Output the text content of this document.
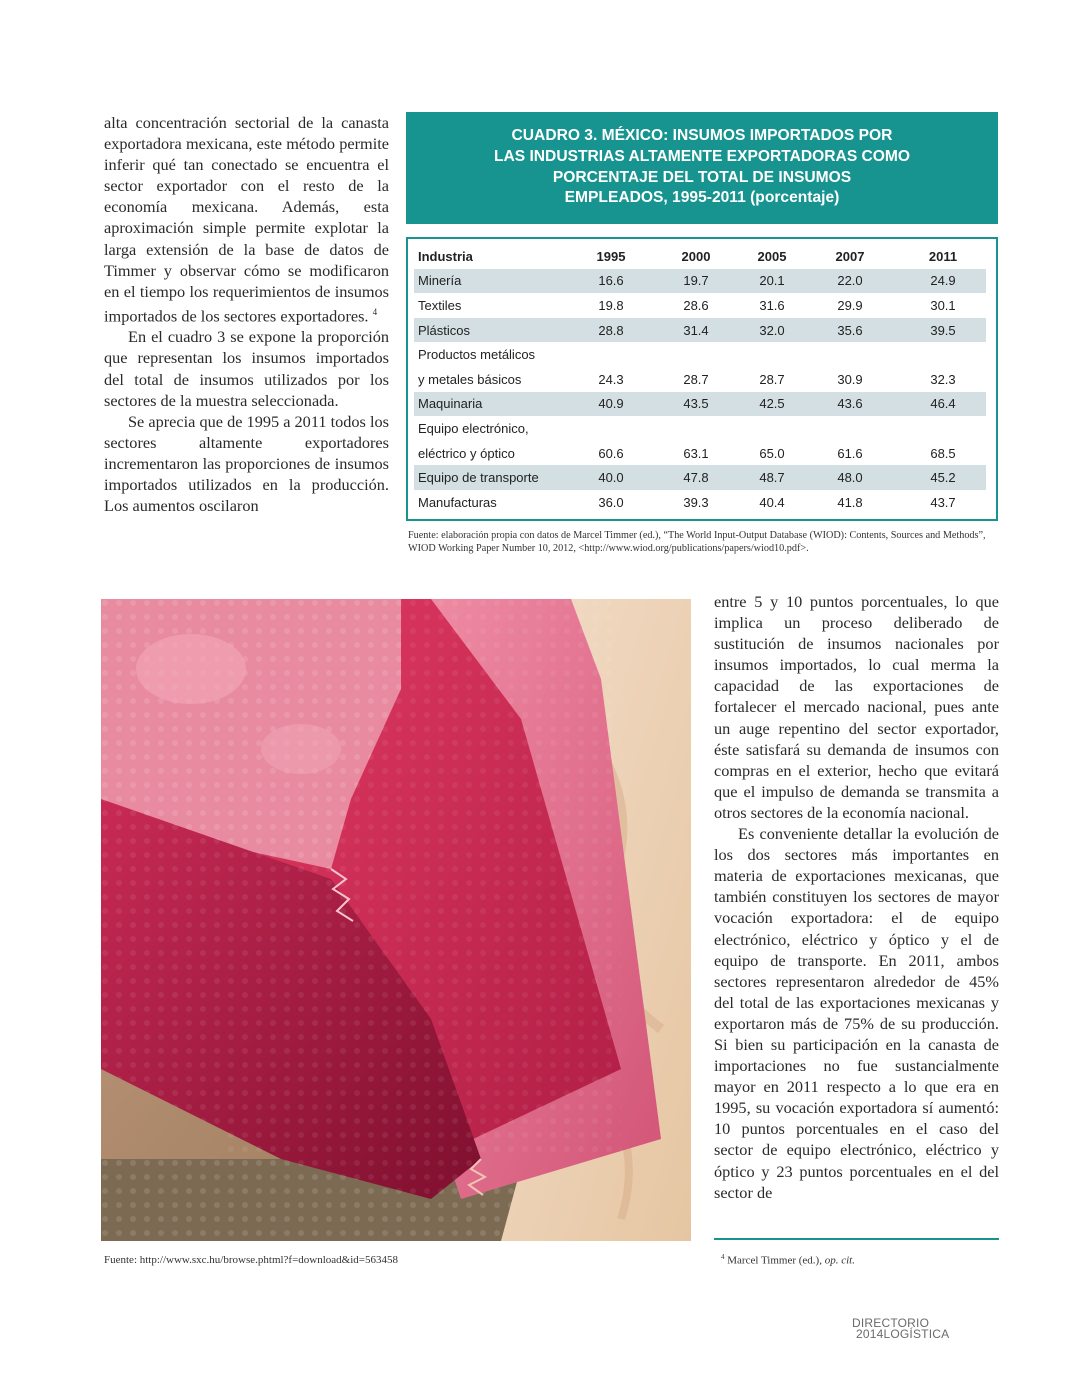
alta concentración sectorial de la canasta exportadora mexicana, este método permite inferir qué tan conectado se encuentra el sector exportador con el resto de la economía mexicana. Además, esta aproximación simple permite explotar la larga extensión de la base de datos de Timmer y observar cómo se modificaron en el tiempo los requerimientos de insumos importados de los sectores exportadores. $^4$

En el cuadro 3 se expone la proporción que representan los insumos importados del total de insumos utilizados por los sectores de la muestra seleccionada.

Se aprecia que de 1995 a 2011 todos los sectores altamente exportadores incrementaron las proporciones de insumos importados utilizados en la producción. Los aumentos oscilaron

CUADRO 3. MÉXICO: INSUMOS IMPORTADOS POR
LAS INDUSTRIAS ALTAMENTE EXPORTADORAS COMO
PORCENTAJE DEL TOTAL DE INSUMOS
EMPLEADOS, 1995-2011 (porcentaje)
Industria	1995	2000	2005	2007	2011	
Minería	16.6	19.7	20.1	22.0	24.9	
Textiles	19.8	28.6	31.6	29.9	30.1	
Plásticos	28.8	31.4	32.0	35.6	39.5	
Productos metálicos						
y metales básicos	24.3	28.7	28.7	30.9	32.3	
Maquinaria	40.9	43.5	42.5	43.6	46.4	
Equipo electrónico,						
eléctrico y óptico	60.6	63.1	65.0	61.6	68.5	
Equipo de transporte	40.0	47.8	48.7	48.0	45.2	
Manufacturas	36.0	39.3	40.4	41.8	43.7	
Fuente: elaboración propia con datos de Marcel Timmer (ed.), “The World Input-Output Database (WIOD): Contents, Sources and Methods”, WIOD Working Paper Number 10, 2012, <http://www.wiod.org/publications/papers/wiod10.pdf>.
Fuente: http://www.sxc.hu/browse.phtml?f=download&id=563458

entre 5 y 10 puntos porcentuales, lo que implica un proceso deliberado de sustitución de insumos nacionales por insumos importados, lo cual merma la capacidad de las exportaciones de fortalecer el mercado nacional, pues ante un auge repentino del sector exportador, éste satisfará su demanda de insumos con compras en el exterior, hecho que evitará que el impulso de demanda se transmita a otros sectores de la economía nacional.

Es conveniente detallar la evolución de los dos sectores más importantes en materia de exportaciones mexicanas, que también constituyen los sectores de mayor vocación exportadora: el de equipo electrónico, eléctrico y óptico y el de equipo de transporte. En 2011, ambos sectores representaron alrededor de 45% del total de las exportaciones mexicanas y exportaron más de 75% de su producción. Si bien su participación en la canasta de importaciones no fue sustancialmente mayor en 2011 respecto a lo que era en 1995, su vocación exportadora sí aumentó: 10 puntos porcentuales en el caso del sector de equipo electrónico, eléctrico y óptico y 23 puntos porcentuales en el del sector de

$^4$ Marcel Timmer (ed.), op. cit.
DIRECTORIO
2014LOGÍSTICA
